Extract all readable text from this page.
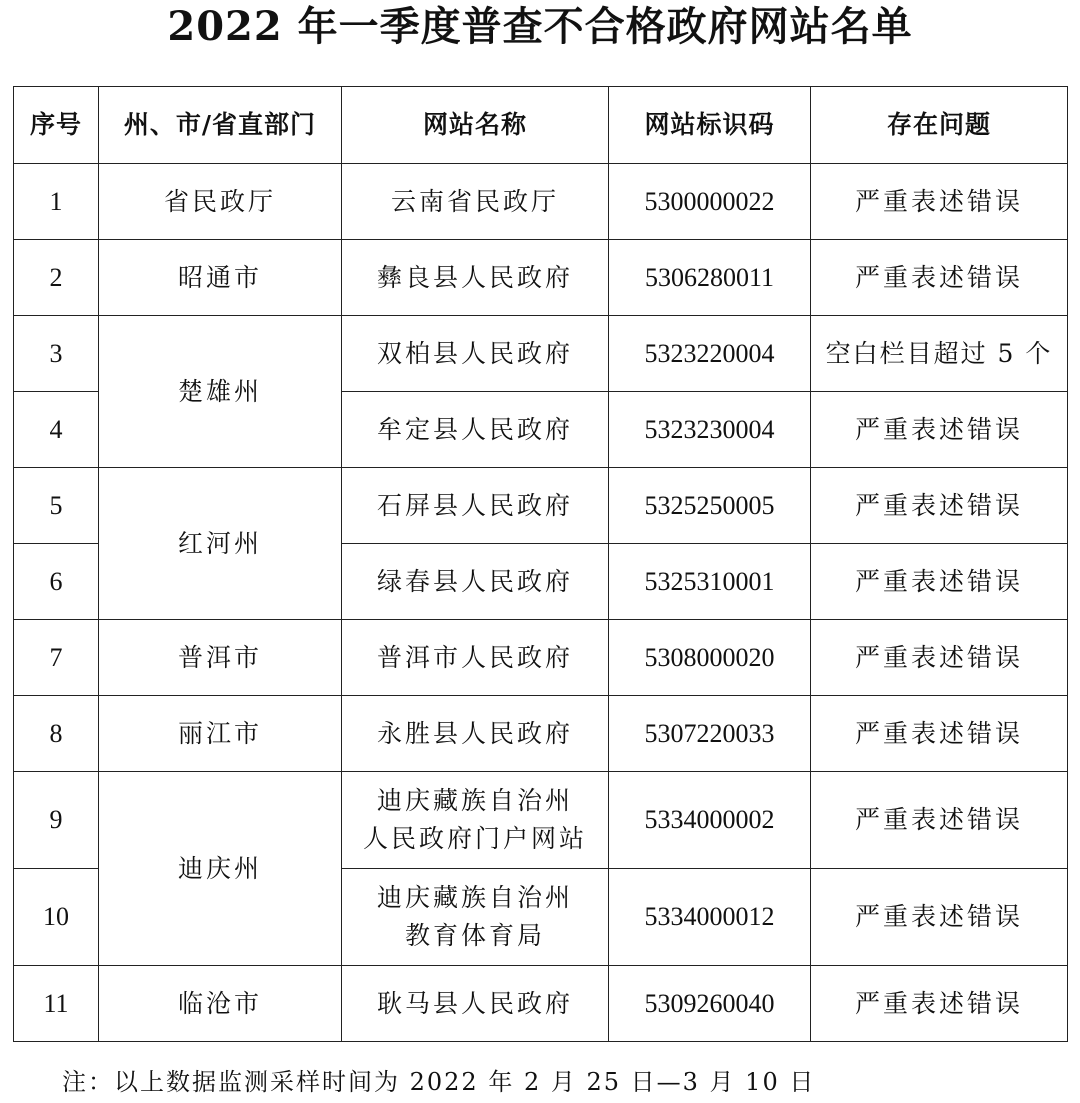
2022 年一季度普查不合格政府网站名单
序号	州、市/省直部门	网站名称	网站标识码	存在问题
1	省民政厅	云南省民政厅	5300000022	严重表述错误
2	昭通市	彝良县人民政府	5306280011	严重表述错误
3	楚雄州	双柏县人民政府	5323220004	空白栏目超过 5 个
4		牟定县人民政府	5323230004	严重表述错误
5	红河州	石屏县人民政府	5325250005	严重表述错误
6		绿春县人民政府	5325310001	严重表述错误
7	普洱市	普洱市人民政府	5308000020	严重表述错误
8	丽江市	永胜县人民政府	5307220033	严重表述错误
9	迪庆州	迪庆藏族自治州
人民政府门户网站	5334000002	严重表述错误
10		迪庆藏族自治州
教育体育局	5334000012	严重表述错误
11	临沧市	耿马县人民政府	5309260040	严重表述错误
注：以上数据监测采样时间为 2022 年 2 月 25 日—3 月 10 日
